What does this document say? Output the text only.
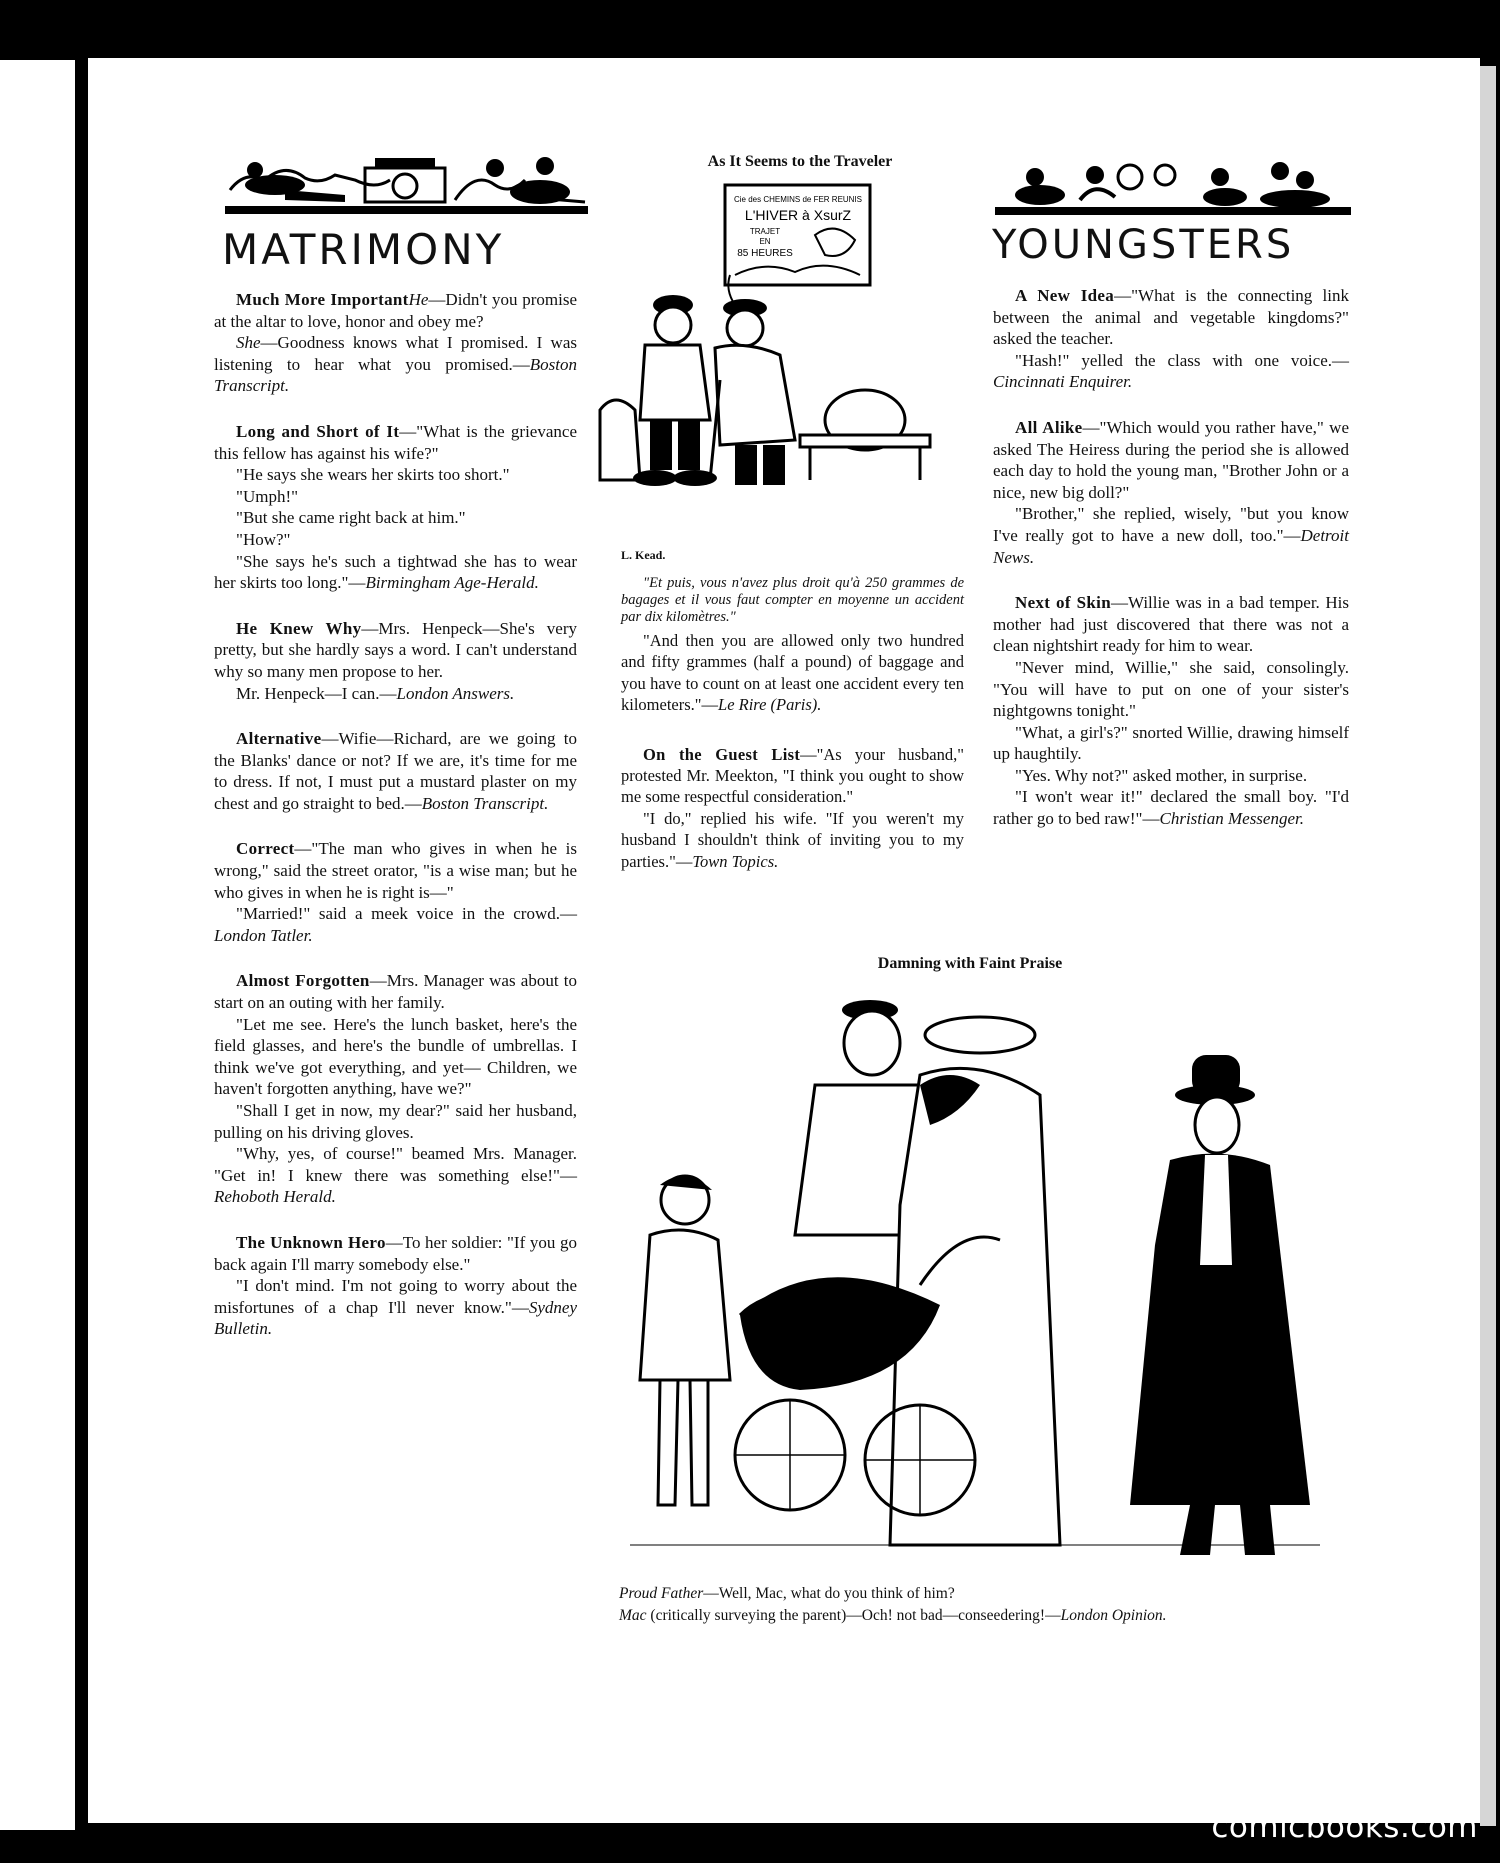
MATRIMONY	YOUNGSTERS
As It Seems to the Traveler
Cie des CHEMINS de FER REUNIS
L'HIVER à XsurZ
TRAJET
EN
85 HEURES
L. Kead.

"Et puis, vous n'avez plus droit qu'à 250 grammes de bagages et il vous faut compter en moyenne un accident par dix kilomètres."

"And then you are allowed only two hundred and fifty grammes (half a pound) of baggage and you have to count on at least one accident every ten kilometers."—Le Rire (Paris).

On the Guest List—"As your husband," protested Mr. Meekton, "I think you ought to show me some respectful consideration."

"I do," replied his wife. "If you weren't my husband I shouldn't think of inviting you to my parties."—Town Topics.

Much More ImportantHe—Didn't you promise at the altar to love, honor and obey me?

She—Goodness knows what I promised. I was listening to hear what you promised.—Boston Transcript.

Long and Short of It—"What is the grievance this fellow has against his wife?"

"He says she wears her skirts too short."

"Umph!"

"But she came right back at him."

"How?"

"She says he's such a tightwad she has to wear her skirts too long."—Birmingham Age-Herald.

He Knew Why—Mrs. Henpeck—She's very pretty, but she hardly says a word. I can't understand why so many men propose to her.

Mr. Henpeck—I can.—London Answers.

Alternative—Wifie—Richard, are we going to the Blanks' dance or not? If we are, it's time for me to dress. If not, I must put a mustard plaster on my chest and go straight to bed.—Boston Transcript.

Correct—"The man who gives in when he is wrong," said the street orator, "is a wise man; but he who gives in when he is right is—"

"Married!" said a meek voice in the crowd.—London Tatler.

Almost Forgotten—Mrs. Manager was about to start on an outing with her family.

"Let me see. Here's the lunch basket, here's the field glasses, and here's the bundle of umbrellas. I think we've got everything, and yet— Children, we haven't forgotten anything, have we?"

"Shall I get in now, my dear?" said her husband, pulling on his driving gloves.

"Why, yes, of course!" beamed Mrs. Manager. "Get in! I knew there was something else!"—Rehoboth Herald.

The Unknown Hero—To her soldier: "If you go back again I'll marry somebody else."

"I don't mind. I'm not going to worry about the misfortunes of a chap I'll never know."—Sydney Bulletin.

A New Idea—"What is the connecting link between the animal and vegetable kingdoms?" asked the teacher.

"Hash!" yelled the class with one voice.—Cincinnati Enquirer.

All Alike—"Which would you rather have," we asked The Heiress during the period she is allowed each day to hold the young man, "Brother John or a nice, new big doll?"

"Brother," she replied, wisely, "but you know I've really got to have a new doll, too."—Detroit News.

Next of Skin—Willie was in a bad temper. His mother had just discovered that there was not a clean nightshirt ready for him to wear.

"Never mind, Willie," she said, consolingly. "You will have to put on one of your sister's nightgowns tonight."

"What, a girl's?" snorted Willie, drawing himself up haughtily.

"Yes. Why not?" asked mother, in surprise.

"I won't wear it!" declared the small boy. "I'd rather go to bed raw!"—Christian Messenger.

Damning with Faint Praise

Proud Father—Well, Mac, what do you think of him?

Mac (critically surveying the parent)—Och! not bad—conseedering!—London Opinion.

comicbooks.com
